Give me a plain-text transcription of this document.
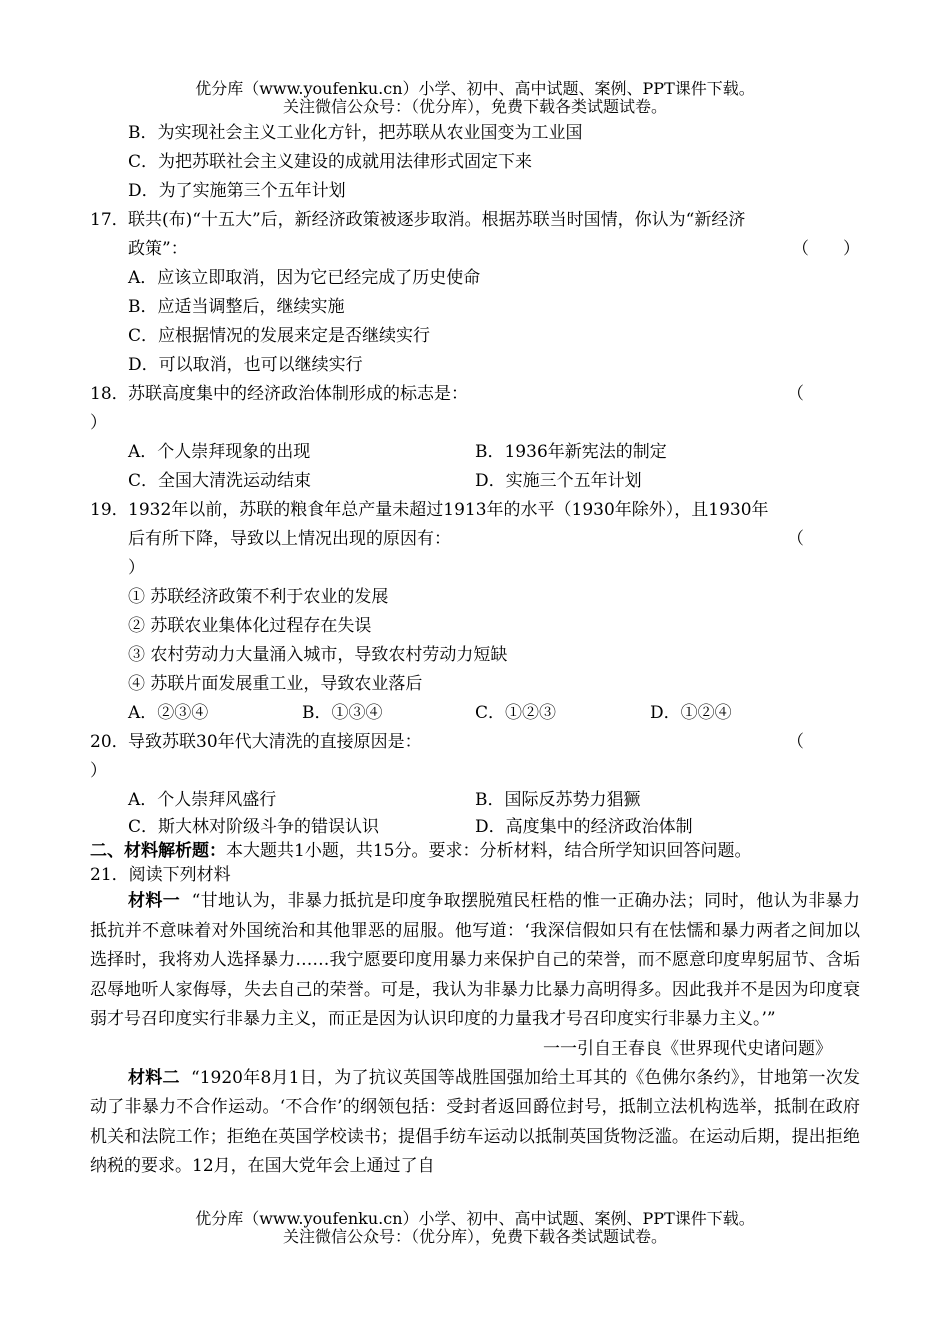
优分库（www.youfenku.cn）小学、初中、高中试题、案例、PPT课件下载。
关注微信公众号：（优分库），免费下载各类试题试卷。
B．为实现社会主义工业化方针，把苏联从农业国变为工业国
C．为把苏联社会主义建设的成就用法律形式固定下来
D．为了实施第三个五年计划
17．联共(布)“十五大”后，新经济政策被逐步取消。根据苏联当时国情，你认为“新经济
政策”：	（　　）
A．应该立即取消，因为它已经完成了历史使命
B．应适当调整后，继续实施
C．应根据情况的发展来定是否继续实行
D．可以取消，也可以继续实行
18．苏联高度集中的经济政治体制形成的标志是：	（
）
A．个人崇拜现象的出现	B．1936年新宪法的制定
C．全国大清洗运动结束	D．实施三个五年计划
19．1932年以前，苏联的粮食年总产量未超过1913年的水平（1930年除外），且1930年
后有所下降，导致以上情况出现的原因有：	（
）
① 苏联经济政策不利于农业的发展
② 苏联农业集体化过程存在失误
③ 农村劳动力大量涌入城市，导致农村劳动力短缺
④ 苏联片面发展重工业，导致农业落后
A．②③④	B．①③④	C．①②③	D．①②④
20．导致苏联30年代大清洗的直接原因是：	（
）
A．个人崇拜风盛行	B．国际反苏势力猖獗
C．斯大林对阶级斗争的错误认识	D．高度集中的经济政治体制
二、材料解析题：本大题共1小题，共15分。要求：分析材料，结合所学知识回答问题。
21．阅读下列材料
材料一 “甘地认为，非暴力抵抗是印度争取摆脱殖民枉梏的惟一正确办法；同时，他认为非暴力抵抗并不意味着对外国统治和其他罪恶的屈服。他写道：‘我深信假如只有在怯懦和暴力两者之间加以选择时，我将劝人选择暴力……我宁愿要印度用暴力来保护自己的荣誉，而不愿意印度卑躬屈节、含垢忍辱地听人家侮辱，失去自己的荣誉。可是，我认为非暴力比暴力高明得多。因此我并不是因为印度衰弱才号召印度实行非暴力主义，而正是因为认识印度的力量我才号召印度实行非暴力主义。’”
一一引自王春良《世界现代史诸问题》
材料二 “1920年8月1日，为了抗议英国等战胜国强加给土耳其的《色佛尔条约》，甘地第一次发动了非暴力不合作运动。‘不合作’的纲领包括：受封者返回爵位封号，抵制立法机构选举，抵制在政府机关和法院工作；拒绝在英国学校读书；提倡手纺车运动以抵制英国货物泛滥。在运动后期，提出拒绝纳税的要求。12月，在国大党年会上通过了自
优分库（www.youfenku.cn）小学、初中、高中试题、案例、PPT课件下载。
关注微信公众号：（优分库），免费下载各类试题试卷。
